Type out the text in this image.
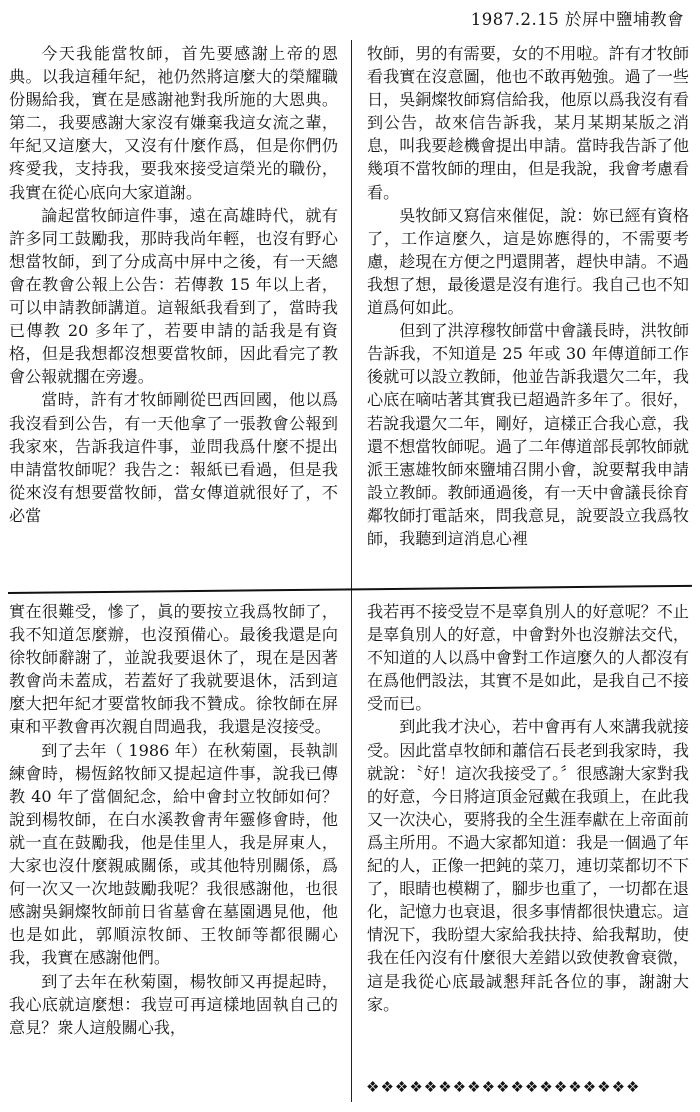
1987.2.15 於屏中鹽埔教會

今天我能當牧師，首先要感謝上帝的恩典。以我這種年紀，祂仍然將這麼大的榮耀職份賜給我，實在是感謝祂對我所施的大恩典。第二，我要感謝大家沒有嫌棄我這女流之輩，年紀又這麼大，又沒有什麼作爲，但是你們仍疼愛我，支持我，要我來接受這榮光的職份，我實在從心底向大家道謝。

論起當牧師這件事，遠在高雄時代，就有許多同工鼓勵我，那時我尚年輕，也沒有野心想當牧師，到了分成高中屏中之後，有一天總會在教會公報上公告：若傳教 15 年以上者，可以申請教師講道。這報紙我看到了，當時我已傳教 20 多年了，若要申請的話我是有資格，但是我想都沒想要當牧師，因此看完了教會公報就擱在旁邊。

當時，許有才牧師剛從巴西回國，他以爲我沒看到公告，有一天他拿了一張教會公報到我家來，告訴我這件事，並問我爲什麼不提出申請當牧師呢？我告之：報紙已看過，但是我從來沒有想要當牧師，當女傳道就很好了，不必當

牧師，男的有需要，女的不用啦。許有才牧師看我實在沒意圖，他也不敢再勉強。過了一些日，吳銅燦牧師寫信給我，他原以爲我沒有看到公告，故來信告訴我，某月某期某版之消息，叫我要趁機會提出申請。當時我告訴了他幾項不當牧師的理由，但是我說，我會考慮看看。

吳牧師又寫信來催促，說：妳已經有資格了，工作這麼久，這是妳應得的，不需要考慮，趁現在方便之門還開著，趕快申請。不過我想了想，最後還是沒有進行。我自己也不知道爲何如此。

但到了洪淳穆牧師當中會議長時，洪牧師告訴我，不知道是 25 年或 30 年傳道師工作後就可以設立教師，他並告訴我還欠二年，我心底在嘀咕著其實我已超過許多年了。很好，若說我還欠二年，剛好，這樣正合我心意，我還不想當牧師呢。過了二年傳道部長郭牧師就派王憲雄牧師來鹽埔召開小會，說要幫我申請設立教師。教師通過後，有一天中會議長徐育鄰牧師打電話來，問我意見，說要設立我爲牧師，我聽到這消息心裡

實在很難受，慘了，眞的要按立我爲牧師了，我不知道怎麼辦，也沒預備心。最後我還是向徐牧師辭謝了，並說我要退休了，現在是因著教會尚未蓋成，若蓋好了我就要退休，活到這麼大把年紀才要當牧師我不贊成。徐牧師在屏東和平教會再次親自問過我，我還是沒接受。

到了去年（ 1986 年）在秋菊園，長執訓練會時，楊恆銘牧師又提起這件事，說我已傳教 40 年了當個紀念，給中會封立牧師如何？說到楊牧師，在白水溪教會靑年靈修會時，他就一直在鼓勵我，他是佳里人，我是屏東人，大家也沒什麼親戚關係，或其他特別關係，爲何一次又一次地鼓勵我呢？我很感謝他，也很感謝吳銅燦牧師前日省墓會在墓園遇見他，他也是如此，郭順涼牧師、王牧師等都很關心我，我實在感謝他們。

到了去年在秋菊園，楊牧師又再提起時，我心底就這麼想：我豈可再這樣地固執自己的意見？衆人這般關心我，

我若再不接受豈不是辜負別人的好意呢？不止是辜負別人的好意，中會對外也沒辦法交代，不知道的人以爲中會對工作這麼久的人都沒有在爲他們設法，其實不是如此，是我自己不接受而已。

到此我才決心，若中會再有人來講我就接受。因此當卓牧師和蕭信石長老到我家時，我就說：〝好！這次我接受了。〞很感謝大家對我的好意，今日將這頂金冠戴在我頭上，在此我又一次決心，要將我的全生涯奉獻在上帝面前爲主所用。不過大家都知道：我是一個過了年紀的人，正像一把鈍的菜刀，連切菜都切不下了，眼睛也模糊了，腳步也重了，一切都在退化，記憶力也衰退，很多事情都很快遺忘。這情況下，我盼望大家給我扶持、給我幫助，使我在任內沒有什麼很大差錯以致使教會衰微，這是我從心底最誠懇拜託各位的事，謝謝大家。

❖❖❖❖❖❖❖❖❖❖❖❖❖❖❖❖❖❖❖
